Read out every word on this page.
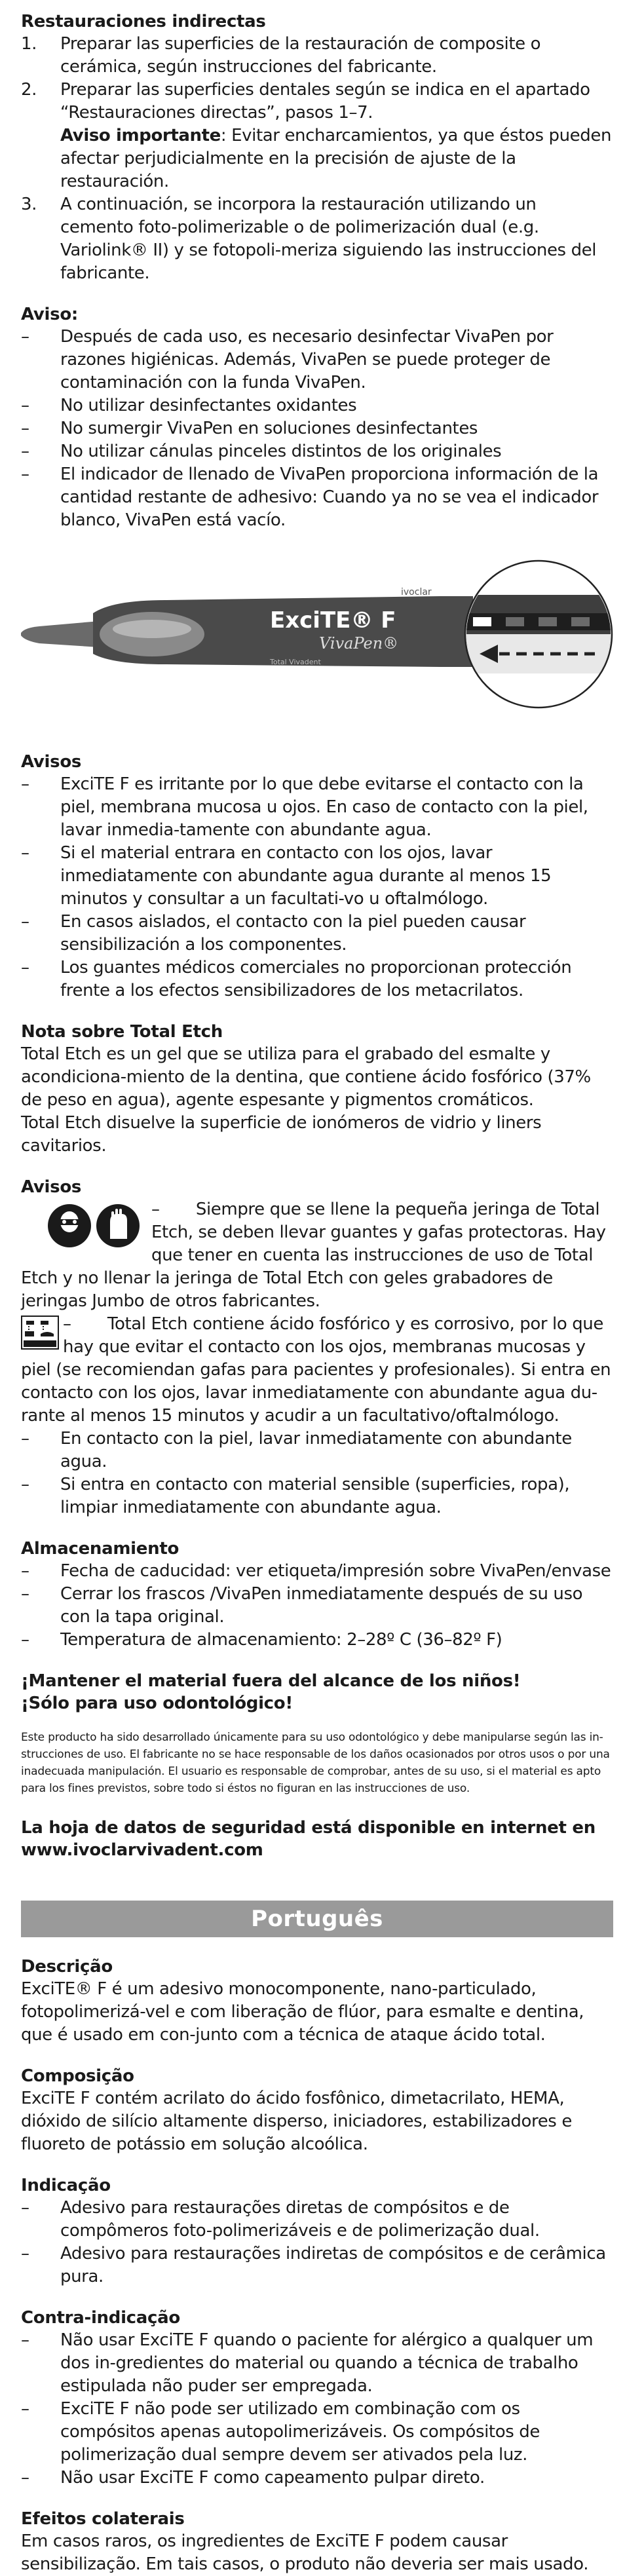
Restauraciones indirectas
1.	Preparar las superficies de la restauración de composite o cerámica, según instrucciones del fabricante.
2.	Preparar las superficies dentales según se indica en el apartado “Restauraciones directas”, pasos 1–7.
Aviso importante: Evitar encharcamientos, ya que éstos pueden afectar perjudicialmente en la precisión de ajuste de la restauración.
3.	A continuación, se incorpora la restauración utilizando un cemento foto-polimerizable o de polimerización dual (e.g. Variolink® II) y se fotopoli-meriza siguiendo las instrucciones del fabricante.
Aviso:
–	Después de cada uso, es necesario desinfectar VivaPen por razones higiénicas. Además, VivaPen se puede proteger de contaminación con la funda VivaPen.
–	No utilizar desinfectantes oxidantes
–	No sumergir VivaPen en soluciones desinfectantes
–	No utilizar cánulas pinceles distintos de los originales
–	El indicador de llenado de VivaPen proporciona información de la cantidad restante de adhesivo: Cuando ya no se vea el indicador blanco, VivaPen está vacío.
ExciTE® F
VivaPen®
Total Vivadent
ivoclar
Avisos
–	ExciTE F es irritante por lo que debe evitarse el contacto con la piel, membrana mucosa u ojos. En caso de contacto con la piel, lavar inmedia-tamente con abundante agua.
–	Si el material entrara en contacto con los ojos, lavar inmediatamente con abundante agua durante al menos 15 minutos y consultar a un facultati-vo u oftalmólogo.
–	En casos aislados, el contacto con la piel pueden causar sensibilización a los componentes.
–	Los guantes médicos comerciales no proporcionan protección frente a los efectos sensibilizadores de los metacrilatos.
Nota sobre Total Etch

Total Etch es un gel que se utiliza para el grabado del esmalte y acondiciona-miento de la dentina, que contiene ácido fosfórico (37% de peso en agua), agente espesante y pigmentos cromáticos.

Total Etch disuelve la superficie de ionómeros de vidrio y liners cavitarios.

Avisos
– Siempre que se llene la pequeña jeringa de Total Etch, se deben llevar guantes y gafas protectoras. Hay que tener en cuenta las instrucciones de uso de Total Etch y no llenar la jeringa de Total Etch con geles grabadores de jeringas Jumbo de otros fabricantes.
– Total Etch contiene ácido fosfórico y es corrosivo, por lo que hay que evitar el contacto con los ojos, membranas mucosas y piel (se recomiendan gafas para pacientes y profesionales). Si entra en contacto con los ojos, lavar inmediatamente con abundante agua du-rante al menos 15 minutos y acudir a un facultativo/oftalmólogo.
–	En contacto con la piel, lavar inmediatamente con abundante agua.
–	Si entra en contacto con material sensible (superficies, ropa), limpiar inmediatamente con abundante agua.
Almacenamiento
–	Fecha de caducidad: ver etiqueta/impresión sobre VivaPen/envase
–	Cerrar los frascos /VivaPen inmediatamente después de su uso con la tapa original.
–	Temperatura de almacenamiento: 2–28º C (36–82º F)
¡Mantener el material fuera del alcance de los niños!
¡Sólo para uso odontológico!

Este producto ha sido desarrollado únicamente para su uso odontológico y debe manipularse según las in-strucciones de uso. El fabricante no se hace responsable de los daños ocasionados por otros usos o por una inadecuada manipulación. El usuario es responsable de comprobar, antes de su uso, si el material es apto para los fines previstos, sobre todo si éstos no figuran en las instrucciones de uso.

La hoja de datos de seguridad está disponible en internet en www.ivoclarvivadent.com
Português
Descrição

ExciTE® F é um adesivo monocomponente, nano-particulado, fotopolimerizá-vel e com liberação de flúor, para esmalte e dentina, que é usado em con-junto com a técnica de ataque ácido total.

Composição

ExciTE F contém acrilato do ácido fosfônico, dimetacrilato, HEMA, dióxido de silício altamente disperso, iniciadores, estabilizadores e fluoreto de potássio em solução alcoólica.

Indicação
–	Adesivo para restaurações diretas de compósitos e de compômeros foto-polimerizáveis e de polimerização dual.
–	Adesivo para restaurações indiretas de compósitos e de cerâmica pura.
Contra-indicação
–	Não usar ExciTE F quando o paciente for alérgico a qualquer um dos in-gredientes do material ou quando a técnica de trabalho estipulada não puder ser empregada.
–	ExciTE F não pode ser utilizado em combinação com os compósitos apenas autopolimerizáveis. Os compósitos de polimerização dual sempre devem ser ativados pela luz.
–	Não usar ExciTE F como capeamento pulpar direto.
Efeitos colaterais

Em casos raros, os ingredientes de ExciTE F podem causar sensibilização. Em tais casos, o produto não deveria ser mais usado.
